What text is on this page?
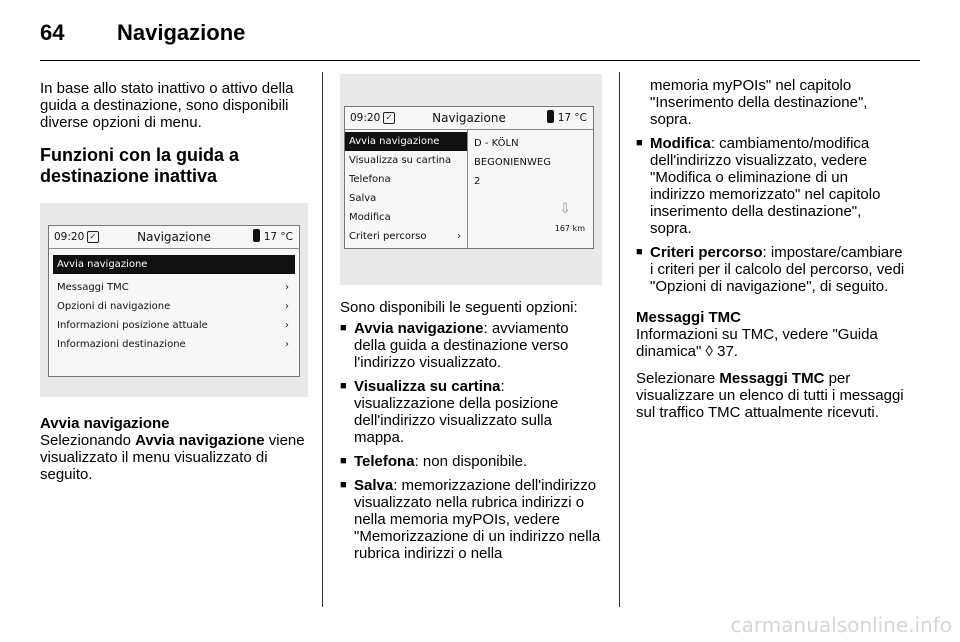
64 Navigazione

In base allo stato inattivo o attivo della guida a destinazione, sono disponibili diverse opzioni di menu.

Funzioni con la guida a destinazione inattiva

09:20 ✓	Navigazione	17 °C
Avvia navigazione
Messaggi TMC	›
Opzioni di navigazione	›
Informazioni posizione attuale	›
Informazioni destinazione	›

Avvia navigazione

Selezionando Avvia navigazione viene visualizzato il menu visualizzato di seguito.

09:20 ✓	Navigazione	17 °C
Avvia navigazione
Visualizza su cartina
Telefona
Salva
Modifica
Criteri percorso	›
D - KÖLN
BEGONIENWEG
2
⇩
167 km

Sono disponibili le seguenti opzioni:

■ Avvia navigazione: avviamento della guida a destinazione verso l'indirizzo visualizzato.
■ Visualizza su cartina: visualizzazione della posizione dell'indirizzo visualizzato sulla mappa.
■ Telefona: non disponibile.
■ Salva: memorizzazione dell'indirizzo visualizzato nella rubrica indirizzi o nella memoria myPOIs, vedere "Memorizzazione di un indirizzo nella rubrica indirizzi o nella

memoria myPOIs" nel capitolo "Inserimento della destinazione", sopra.

■ Modifica: cambiamento/modifica dell'indirizzo visualizzato, vedere "Modifica o eliminazione di un indirizzo memorizzato" nel capitolo inserimento della destinazione", sopra.
■ Criteri percorso: impostare/cambiare i criteri per il calcolo del percorso, vedi "Opzioni di navigazione", di seguito.

Messaggi TMC

Informazioni su TMC, vedere "Guida dinamica" ◊ 37.

Selezionare Messaggi TMC per visualizzare un elenco di tutti i messaggi sul traffico TMC attualmente ricevuti.

carmanualsonline.info
